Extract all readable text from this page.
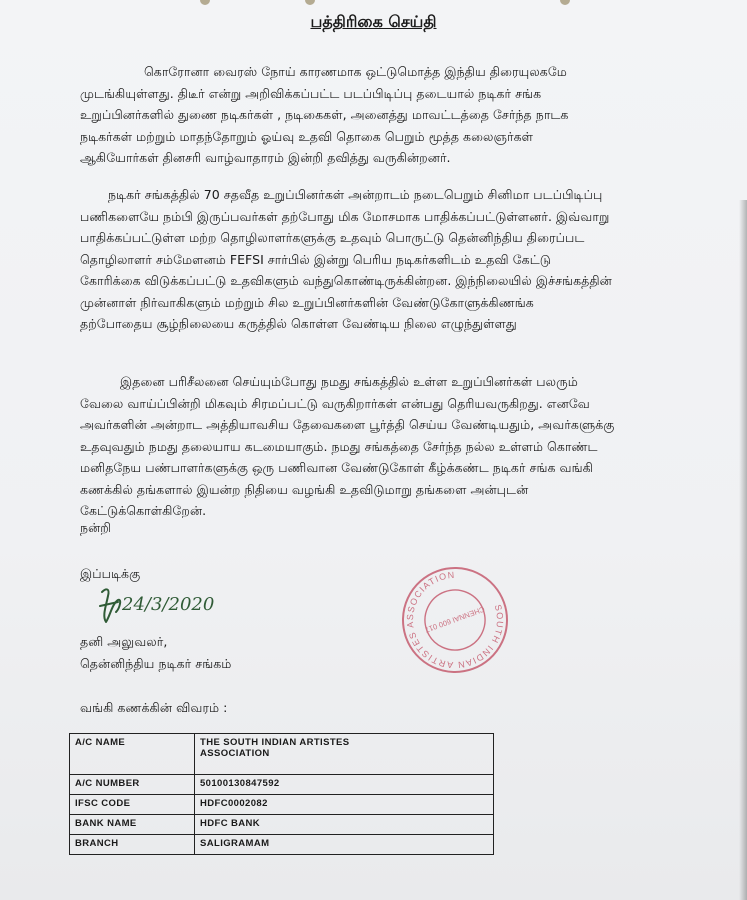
பத்திரிகை செய்தி

கொரோனா வைரஸ் நோய் காரணமாக ஒட்டுமொத்த இந்திய திரையுலகமே
முடங்கியுள்ளது. திடீர் என்று அறிவிக்கப்பட்ட படப்பிடிப்பு தடையால் நடிகர் சங்க
உறுப்பினர்களில் துணை நடிகர்கள் , நடிகைகள், அனைத்து மாவட்டத்தை சேர்ந்த நாடக
நடிகர்கள் மற்றும் மாதந்தோறும் ஓய்வு உதவி தொகை பெறும் மூத்த கலைஞர்கள்
ஆகியோர்கள் தினசரி வாழ்வாதாரம் இன்றி தவித்து வருகின்றனர்.

நடிகர் சங்கத்தில் 70 சதவீத உறுப்பினர்கள் அன்றாடம் நடைபெறும் சினிமா படப்பிடிப்பு
பணிகளையே நம்பி இருப்பவர்கள் தற்போது மிக மோசமாக பாதிக்கப்பட்டுள்ளனர். இவ்வாறு
பாதிக்கப்பட்டுள்ள மற்ற தொழிலாளர்களுக்கு உதவும் பொருட்டு தென்னிந்திய திரைப்பட
தொழிலாளர் சம்மேளனம் FEFSI சார்பில் இன்று பெரிய நடிகர்களிடம் உதவி கேட்டு
கோரிக்கை விடுக்கப்பட்டு உதவிகளும் வந்துகொண்டிருக்கின்றன. இந்நிலையில் இச்சங்கத்தின்
முன்னாள் நிர்வாகிகளும் மற்றும் சில உறுப்பினர்களின் வேண்டுகோளுக்கிணங்க
தற்போதைய சூழ்நிலையை கருத்தில் கொள்ள வேண்டிய நிலை எழுந்துள்ளது

இதனை பரிசீலனை செய்யும்போது நமது சங்கத்தில் உள்ள உறுப்பினர்கள் பலரும்
வேலை வாய்ப்பின்றி மிகவும் சிரமப்பட்டு வருகிறார்கள் என்பது தெரியவருகிறது. எனவே
அவர்களின் அன்றாட அத்தியாவசிய தேவைகளை பூர்த்தி செய்ய வேண்டியதும், அவர்களுக்கு
உதவுவதும் நமது தலையாய கடமையாகும். நமது சங்கத்தை சேர்ந்த நல்ல உள்ளம் கொண்ட
மனிதநேய பண்பாளர்களுக்கு ஒரு பணிவான வேண்டுகோள் கீழ்க்கண்ட நடிகர் சங்க வங்கி
கணக்கில் தங்களால் இயன்ற நிதியை வழங்கி உதவிடுமாறு தங்களை அன்புடன்
கேட்டுக்கொள்கிறேன்.

நன்றி
இப்படிக்கு
24/3/2020
தனி அலுவலர்,
தென்னிந்திய நடிகர் சங்கம்
SOUTH INDIAN ARTISTES ASSOCIATION
CHENNAI 600 017
வங்கி கணக்கின் விவரம் :
A/C NAME	THE SOUTH INDIAN ARTISTES
ASSOCIATION	

A/C NUMBER	50100130847592	
IFSC CODE	HDFC0002082	
BANK NAME	HDFC BANK	
BRANCH	SALIGRAMAM	
